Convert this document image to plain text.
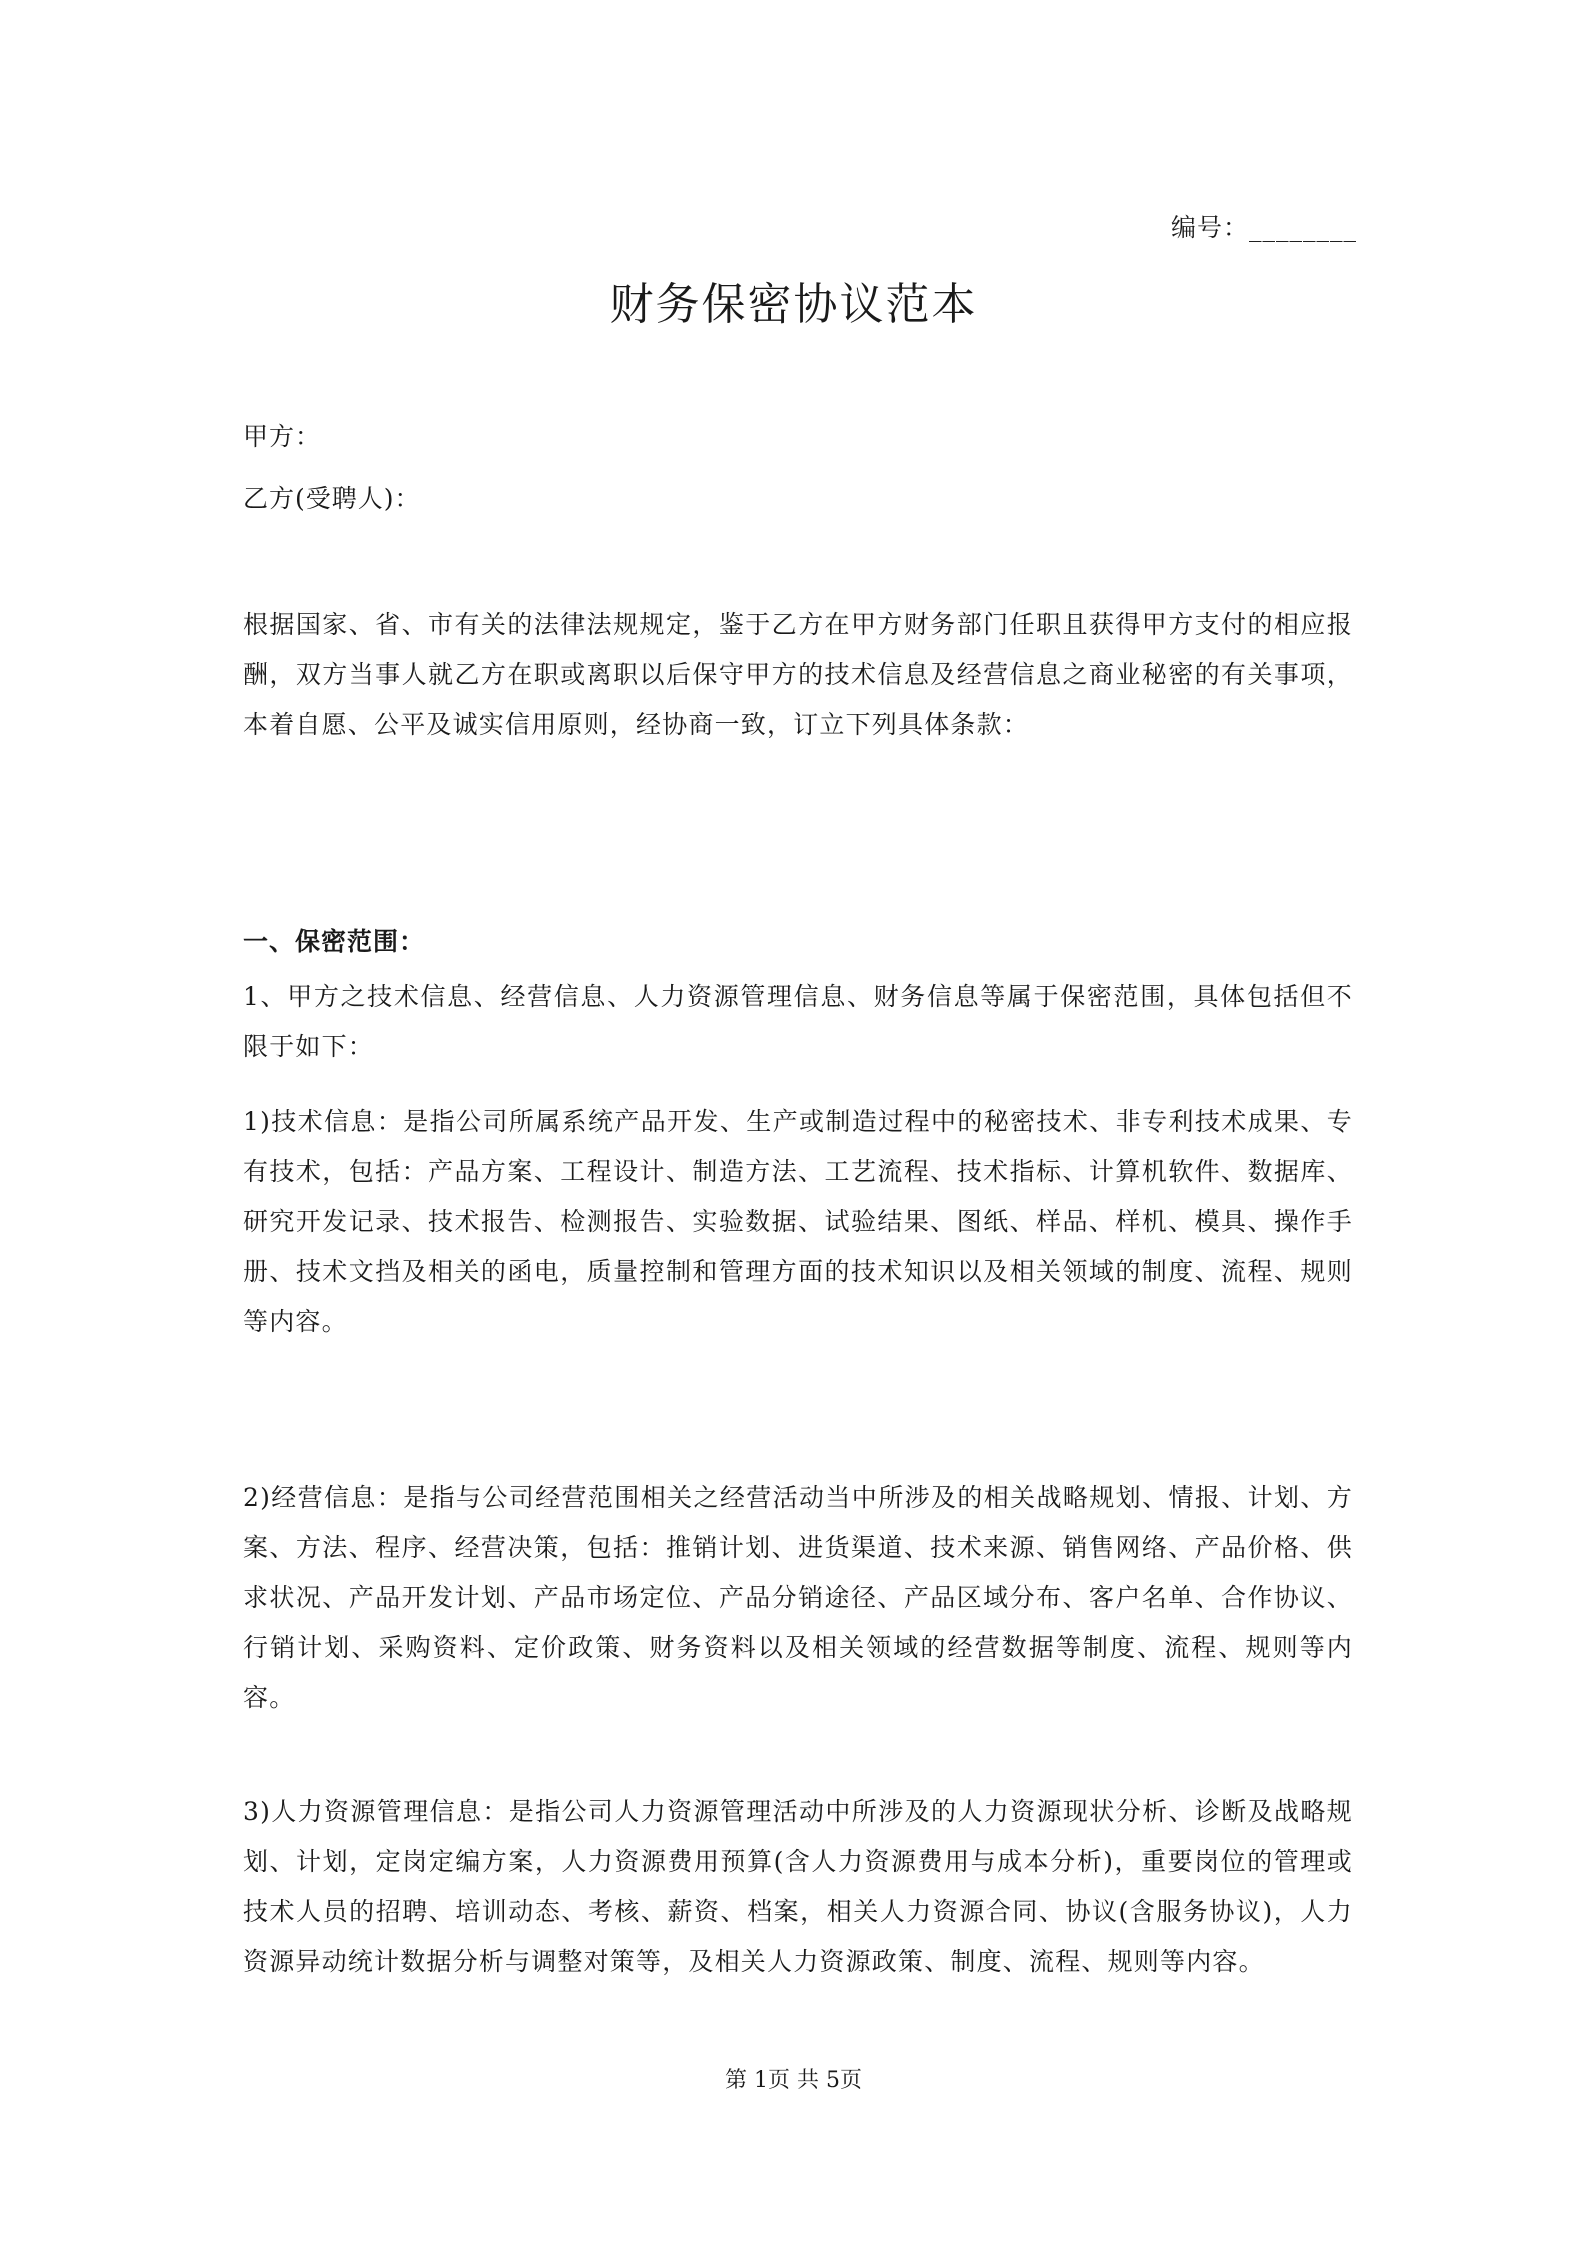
编号：________
财务保密协议范本
甲方：
乙方(受聘人)：

根据国家、省、市有关的法律法规规定，鉴于乙方在甲方财务部门任职且获得甲方支付的相应报酬，双方当事人就乙方在职或离职以后保守甲方的技术信息及经营信息之商业秘密的有关事项，本着自愿、公平及诚实信用原则，经协商一致，订立下列具体条款：

一、保密范围：

1、甲方之技术信息、经营信息、人力资源管理信息、财务信息等属于保密范围，具体包括但不限于如下：

1)技术信息：是指公司所属系统产品开发、生产或制造过程中的秘密技术、非专利技术成果、专有技术，包括：产品方案、工程设计、制造方法、工艺流程、技术指标、计算机软件、数据库、研究开发记录、技术报告、检测报告、实验数据、试验结果、图纸、样品、样机、模具、操作手册、技术文挡及相关的函电，质量控制和管理方面的技术知识以及相关领域的制度、流程、规则等内容。

2)经营信息：是指与公司经营范围相关之经营活动当中所涉及的相关战略规划、情报、计划、方案、方法、程序、经营决策，包括：推销计划、进货渠道、技术来源、销售网络、产品价格、供求状况、产品开发计划、产品市场定位、产品分销途径、产品区域分布、客户名单、合作协议、行销计划、采购资料、定价政策、财务资料以及相关领域的经营数据等制度、流程、规则等内容。

3)人力资源管理信息：是指公司人力资源管理活动中所涉及的人力资源现状分析、诊断及战略规划、计划，定岗定编方案，人力资源费用预算(含人力资源费用与成本分析)，重要岗位的管理或技术人员的招聘、培训动态、考核、薪资、档案，相关人力资源合同、协议(含服务协议)，人力资源异动统计数据分析与调整对策等，及相关人力资源政策、制度、流程、规则等内容。

第 1页 共 5页
